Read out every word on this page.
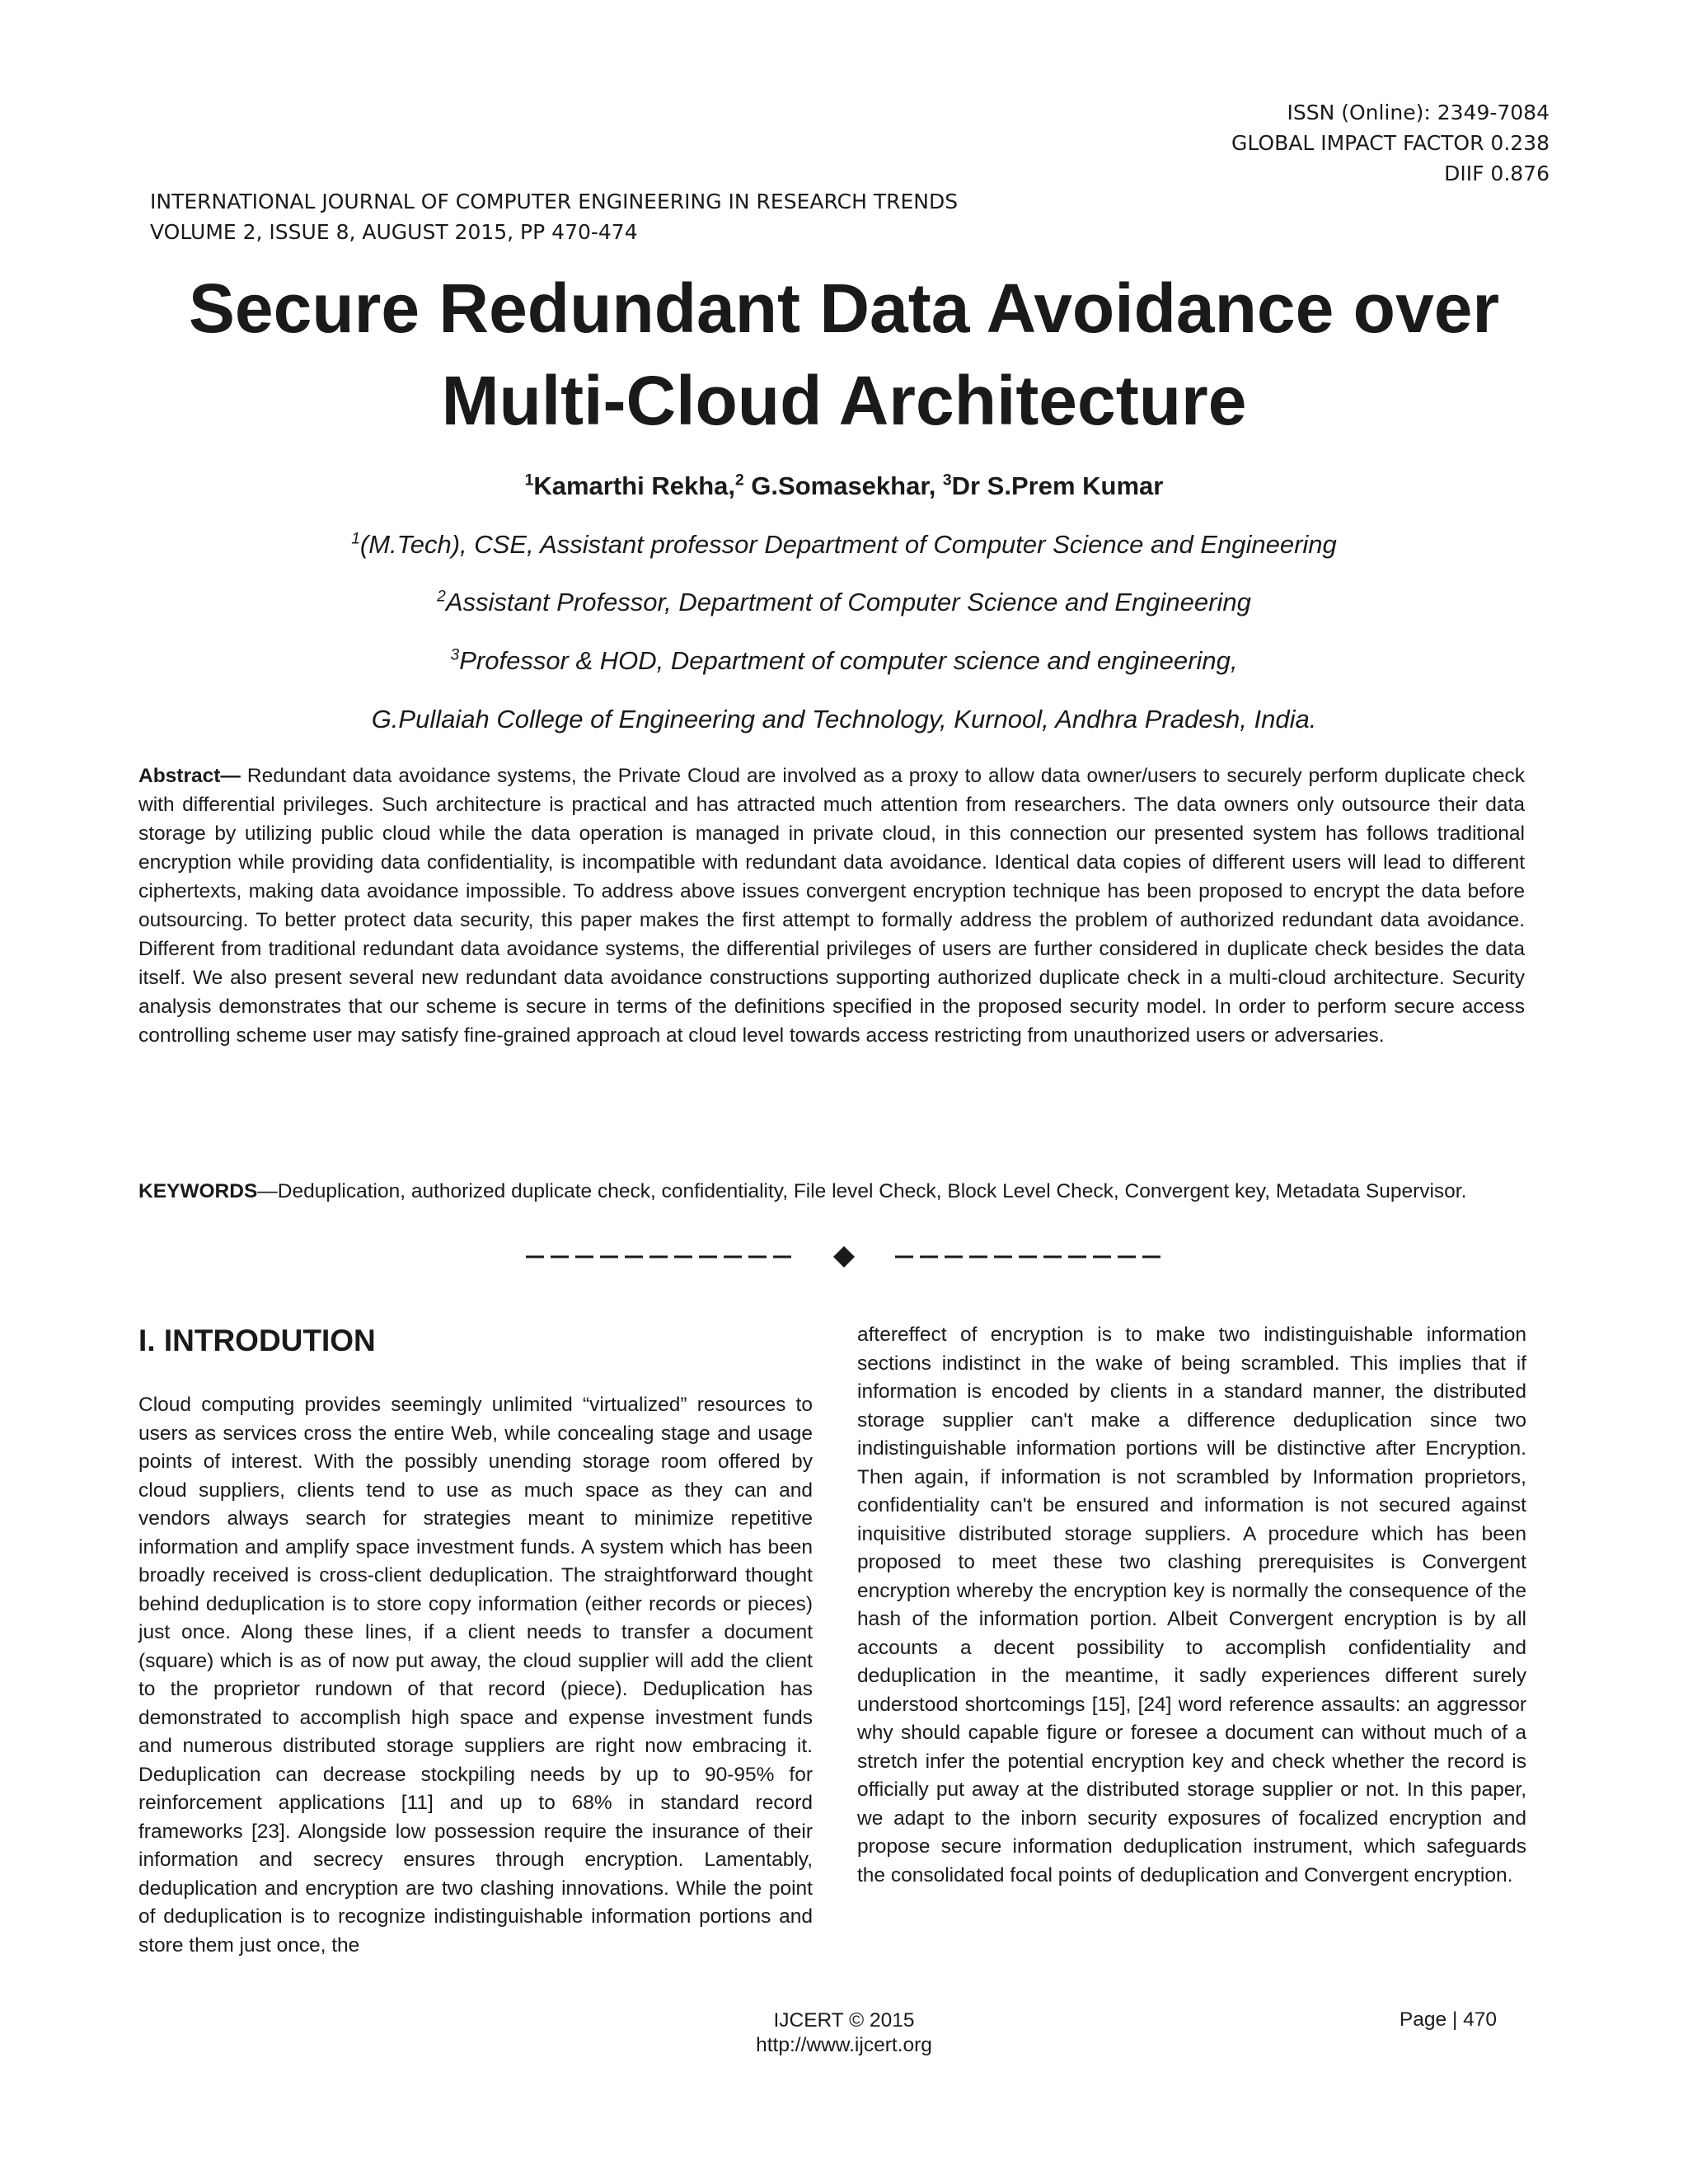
ISSN (Online): 2349-7084
GLOBAL IMPACT FACTOR 0.238
DIIF 0.876
INTERNATIONAL JOURNAL OF COMPUTER ENGINEERING IN RESEARCH TRENDS
VOLUME 2, ISSUE 8, AUGUST 2015, PP 470-474
Secure Redundant Data Avoidance over
Multi-Cloud Architecture
$^1$Kamarthi Rekha,$^2$ G.Somasekhar, $^3$Dr S.Prem Kumar
$^1$(M.Tech), CSE, Assistant professor Department of Computer Science and Engineering
$^2$Assistant Professor, Department of Computer Science and Engineering
$^3$Professor & HOD, Department of computer science and engineering,
G.Pullaiah College of Engineering and Technology, Kurnool, Andhra Pradesh, India.

Abstract— Redundant data avoidance systems, the Private Cloud are involved as a proxy to allow data owner/users to securely perform duplicate check with differential privileges. Such architecture is practical and has attracted much attention from researchers. The data owners only outsource their data storage by utilizing public cloud while the data operation is managed in private cloud, in this connection our presented system has follows traditional encryption while providing data confidentiality, is incompatible with redundant data avoidance. Identical data copies of different users will lead to different ciphertexts, making data avoidance impossible. To address above issues convergent encryption technique has been proposed to encrypt the data before outsourcing. To better protect data security, this paper makes the first attempt to formally address the problem of authorized redundant data avoidance. Different from traditional redundant data avoidance systems, the differential privileges of users are further considered in duplicate check besides the data itself. We also present several new redundant data avoidance constructions supporting authorized duplicate check in a multi-cloud architecture. Security analysis demonstrates that our scheme is secure in terms of the definitions specified in the proposed security model. In order to perform secure access controlling scheme user may satisfy fine-grained approach at cloud level towards access restricting from unauthorized users or adversaries.

KEYWORDS—Deduplication, authorized duplicate check, confidentiality, File level Check, Block Level Check, Convergent key, Metadata Supervisor.

I. INTRODUTION

Cloud computing provides seemingly unlimited “virtualized” resources to users as services cross the entire Web, while concealing stage and usage points of interest. With the possibly unending storage room offered by cloud suppliers, clients tend to use as much space as they can and vendors always search for strategies meant to minimize repetitive information and amplify space investment funds. A system which has been broadly received is cross-client deduplication. The straightforward thought behind deduplication is to store copy information (either records or pieces) just once. Along these lines, if a client needs to transfer a document (square) which is as of now put away, the cloud supplier will add the client to the proprietor rundown of that record (piece). Deduplication has demonstrated to accomplish high space and expense investment funds and numerous distributed storage suppliers are right now embracing it. Deduplication can decrease stockpiling needs by up to 90-95% for reinforcement applications [11] and up to 68% in standard record frameworks [23]. Alongside low possession require the insurance of their information and secrecy ensures through encryption. Lamentably, deduplication and encryption are two clashing innovations. While the point of deduplication is to recognize indistinguishable information portions and store them just once, the

aftereffect of encryption is to make two indistinguishable information sections indistinct in the wake of being scrambled. This implies that if information is encoded by clients in a standard manner, the distributed storage supplier can't make a difference deduplication since two indistinguishable information portions will be distinctive after Encryption. Then again, if information is not scrambled by Information proprietors, confidentiality can't be ensured and information is not secured against inquisitive distributed storage suppliers. A procedure which has been proposed to meet these two clashing prerequisites is Convergent encryption whereby the encryption key is normally the consequence of the hash of the information portion. Albeit Convergent encryption is by all accounts a decent possibility to accomplish confidentiality and deduplication in the meantime, it sadly experiences different surely understood shortcomings [15], [24] word reference assaults: an aggressor why should capable figure or foresee a document can without much of a stretch infer the potential encryption key and check whether the record is officially put away at the distributed storage supplier or not. In this paper, we adapt to the inborn security exposures of focalized encryption and propose secure information deduplication instrument, which safeguards the consolidated focal points of deduplication and Convergent encryption.

IJCERT © 2015
http://www.ijcert.org
Page | 470
